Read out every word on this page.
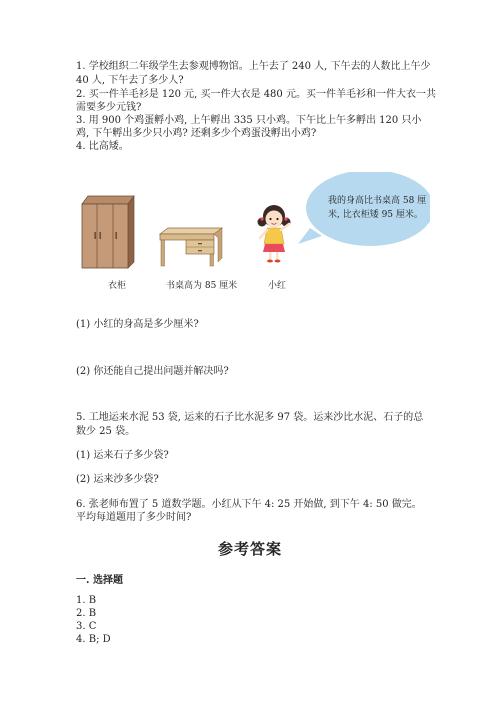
1. 学校组织二年级学生去参观博物馆。上午去了 240 人, 下午去的人数比上午少
40 人, 下午去了多少人?
2. 买一件羊毛衫是 120 元, 买一件大衣是 480 元。买一件羊毛衫和一件大衣一共
需要多少元钱?
3. 用 900 个鸡蛋孵小鸡, 上午孵出 335 只小鸡。下午比上午多孵出 120 只小
鸡, 下午孵出多少只小鸡? 还剩多少个鸡蛋没孵出小鸡?
4. 比高矮。
我的身高比书桌高 58 厘
米, 比衣柜矮 95 厘米。
衣柜	书桌高为 85 厘米	小红
(1) 小红的身高是多少厘米?
(2) 你还能自己提出问题并解决吗?
5. 工地运来水泥 53 袋, 运来的石子比水泥多 97 袋。运来沙比水泥、石子的总
数少 25 袋。
(1) 运来石子多少袋?
(2) 运来沙多少袋?
6. 张老师布置了 5 道数学题。小红从下午 4: 25 开始做, 到下午 4: 50 做完。
平均每道题用了多少时间?
参考答案
一. 选择题
1. B
2. B
3. C
4. B; D
